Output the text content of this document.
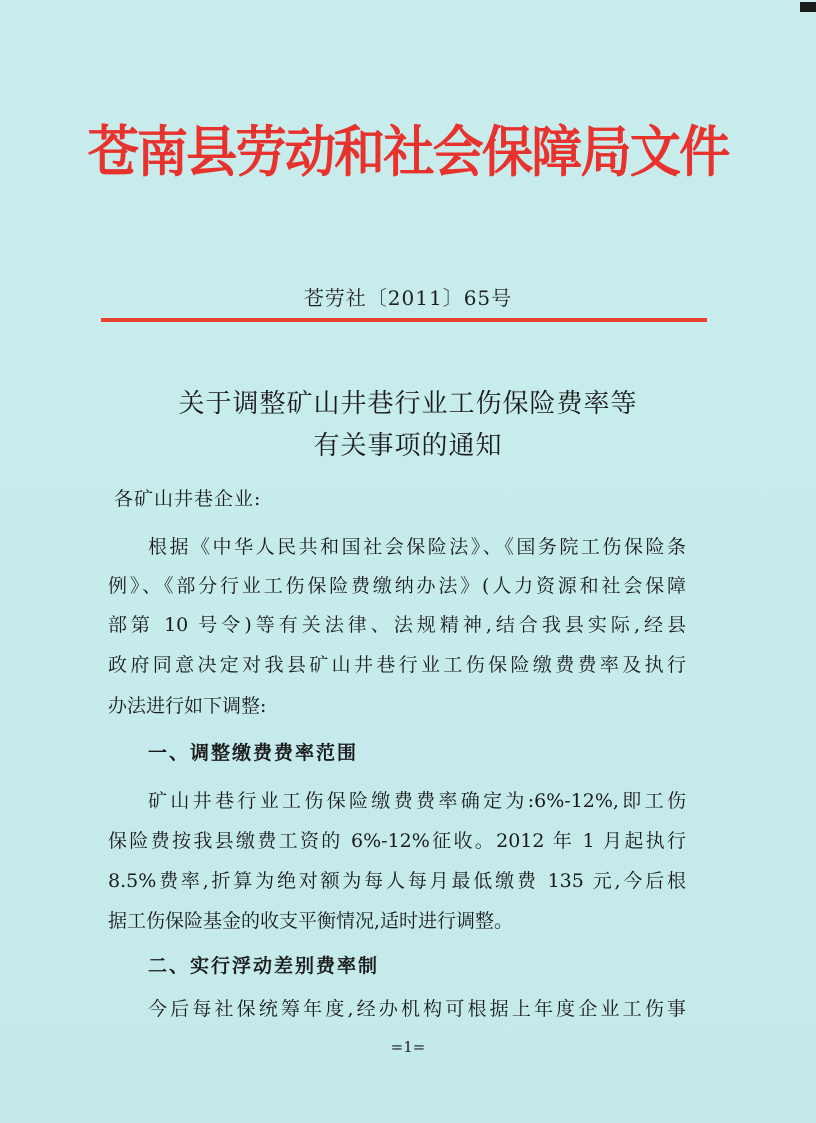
苍南县劳动和社会保障局文件
苍劳社〔2011〕65号
关于调整矿山井巷行业工伤保险费率等
有关事项的通知
各矿山井巷企业:
根据《中华人民共和国社会保险法》、《国务院工伤保险条
例》、《部分行业工伤保险费缴纳办法》(人力资源和社会保障
部第 10 号令)等有关法律、法规精神,结合我县实际,经县
政府同意决定对我县矿山井巷行业工伤保险缴费费率及执行
办法进行如下调整:
一、调整缴费费率范围
矿山井巷行业工伤保险缴费费率确定为:6%-12%,即工伤
保险费按我县缴费工资的 6%-12%征收。2012 年 1 月起执行
8.5%费率,折算为绝对额为每人每月最低缴费 135 元,今后根
据工伤保险基金的收支平衡情况,适时进行调整。
二、实行浮动差别费率制
今后每社保统筹年度,经办机构可根据上年度企业工伤事
=1=
